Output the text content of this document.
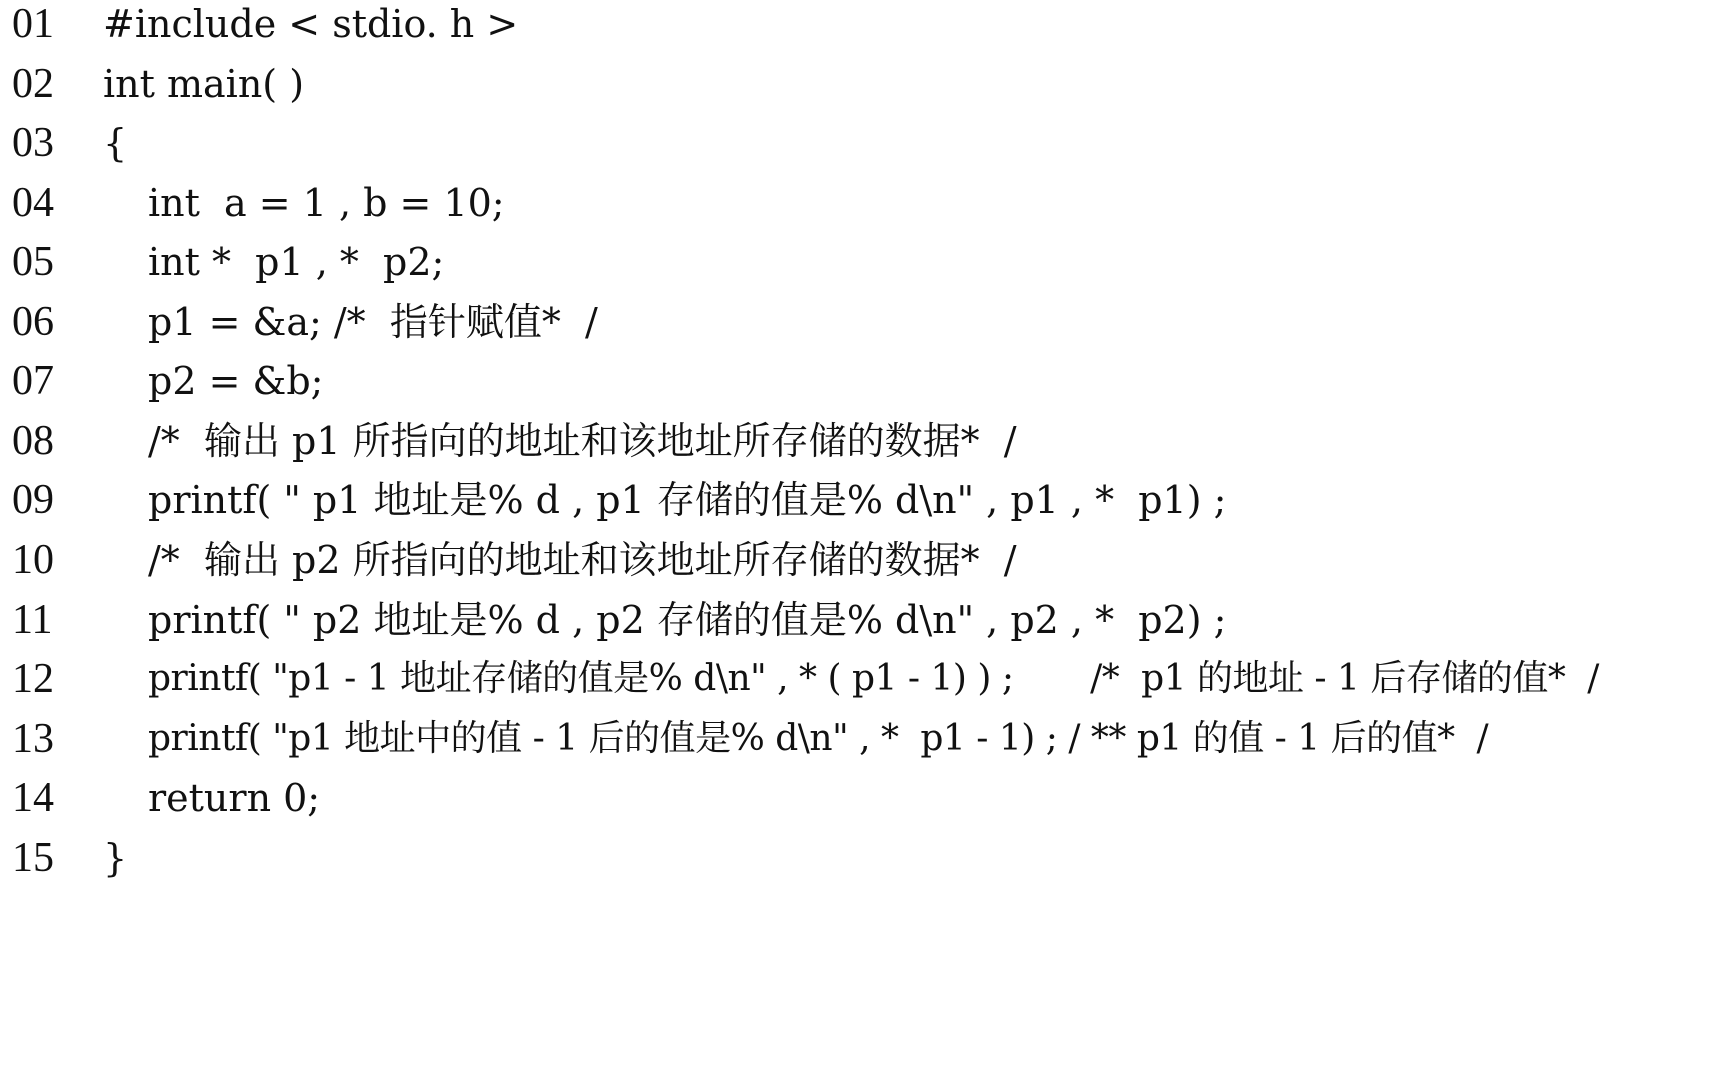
01

	#include < stdio. h >

02

	int main( )

03

	{

04

	int  a = 1 , b = 10;

05

	int *  p1 , *  p2;

06

	p1 = &a; /*  指针赋值*  /

07

	p2 = &b;

08

	/*  输出 p1 所指向的地址和该地址所存储的数据*  /

09

	printf( " p1 地址是% d , p1 存储的值是% d\n" , p1 , *  p1) ;

10

	/*  输出 p2 所指向的地址和该地址所存储的数据*  /

11

	printf( " p2 地址是% d , p2 存储的值是% d\n" , p2 , *  p2) ;

12

	printf( "p1 - 1 地址存储的值是% d\n" , * ( p1 - 1) ) ;       /*  p1 的地址 - 1 后存储的值*  /

13

	printf( "p1 地址中的值 - 1 后的值是% d\n" , *  p1 - 1) ; / ** p1 的值 - 1 后的值*  /

14

	return 0;

15

	}
